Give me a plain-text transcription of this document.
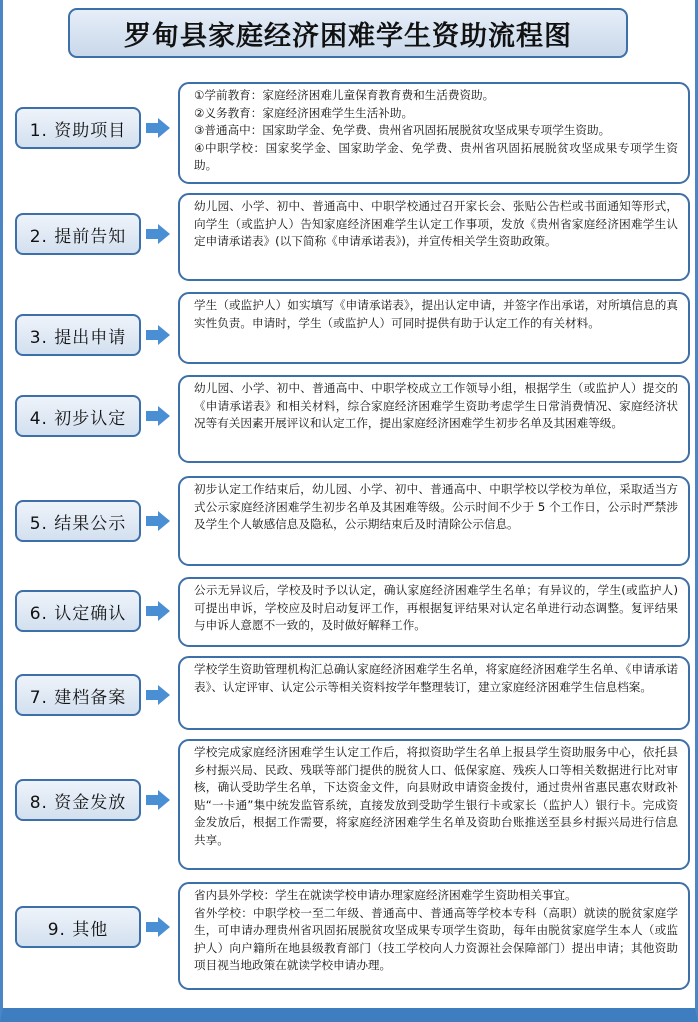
罗甸县家庭经济困难学生资助流程图
1. 资助项目
①学前教育：家庭经济困难儿童保育教育费和生活费资助。
②义务教育：家庭经济困难学生生活补助。
③普通高中：国家助学金、免学费、贵州省巩固拓展脱贫攻坚成果专项学生资助。
④中职学校：国家奖学金、国家助学金、免学费、贵州省巩固拓展脱贫攻坚成果专项学生资助。
2. 提前告知
幼儿园、小学、初中、普通高中、中职学校通过召开家长会、张贴公告栏或书面通知等形式，向学生（或监护人）告知家庭经济困难学生认定工作事项，发放《贵州省家庭经济困难学生认定申请承诺表》(以下简称《申请承诺表》)，并宣传相关学生资助政策。
3. 提出申请
学生（或监护人）如实填写《申请承诺表》，提出认定申请，并签字作出承诺，对所填信息的真实性负责。申请时，学生（或监护人）可同时提供有助于认定工作的有关材料。
4. 初步认定
幼儿园、小学、初中、普通高中、中职学校成立工作领导小组，根据学生（或监护人）提交的《申请承诺表》和相关材料，综合家庭经济困难学生资助考虑学生日常消费情况、家庭经济状况等有关因素开展评议和认定工作，提出家庭经济困难学生初步名单及其困难等级。
5. 结果公示
初步认定工作结束后，幼儿园、小学、初中、普通高中、中职学校以学校为单位，采取适当方式公示家庭经济困难学生初步名单及其困难等级。公示时间不少于 5 个工作日，公示时严禁涉及学生个人敏感信息及隐私，公示期结束后及时清除公示信息。
6. 认定确认
公示无异议后，学校及时予以认定，确认家庭经济困难学生名单；有异议的，学生(或监护人)可提出申诉，学校应及时启动复评工作，再根据复评结果对认定名单进行动态调整。复评结果与申诉人意愿不一致的，及时做好解释工作。
7. 建档备案
学校学生资助管理机构汇总确认家庭经济困难学生名单，将家庭经济困难学生名单、《申请承诺表》、认定评审、认定公示等相关资料按学年整理装订，建立家庭经济困难学生信息档案。
8. 资金发放
学校完成家庭经济困难学生认定工作后，将拟资助学生名单上报县学生资助服务中心，依托县乡村振兴局、民政、残联等部门提供的脱贫人口、低保家庭、残疾人口等相关数据进行比对审核，确认受助学生名单，下达资金文件，向县财政申请资金拨付，通过贵州省惠民惠农财政补贴“一卡通”集中统发监管系统，直接发放到受助学生银行卡或家长（监护人）银行卡。完成资金发放后，根据工作需要，将家庭经济困难学生名单及资助台账推送至县乡村振兴局进行信息共享。
9. 其他
省内县外学校：学生在就读学校申请办理家庭经济困难学生资助相关事宜。
省外学校：中职学校一至二年级、普通高中、普通高等学校本专科（高职）就读的脱贫家庭学生，可申请办理贵州省巩固拓展脱贫攻坚成果专项学生资助，每年由脱贫家庭学生本人（或监护人）向户籍所在地县级教育部门（技工学校向人力资源社会保障部门）提出申请；其他资助项目视当地政策在就读学校申请办理。
